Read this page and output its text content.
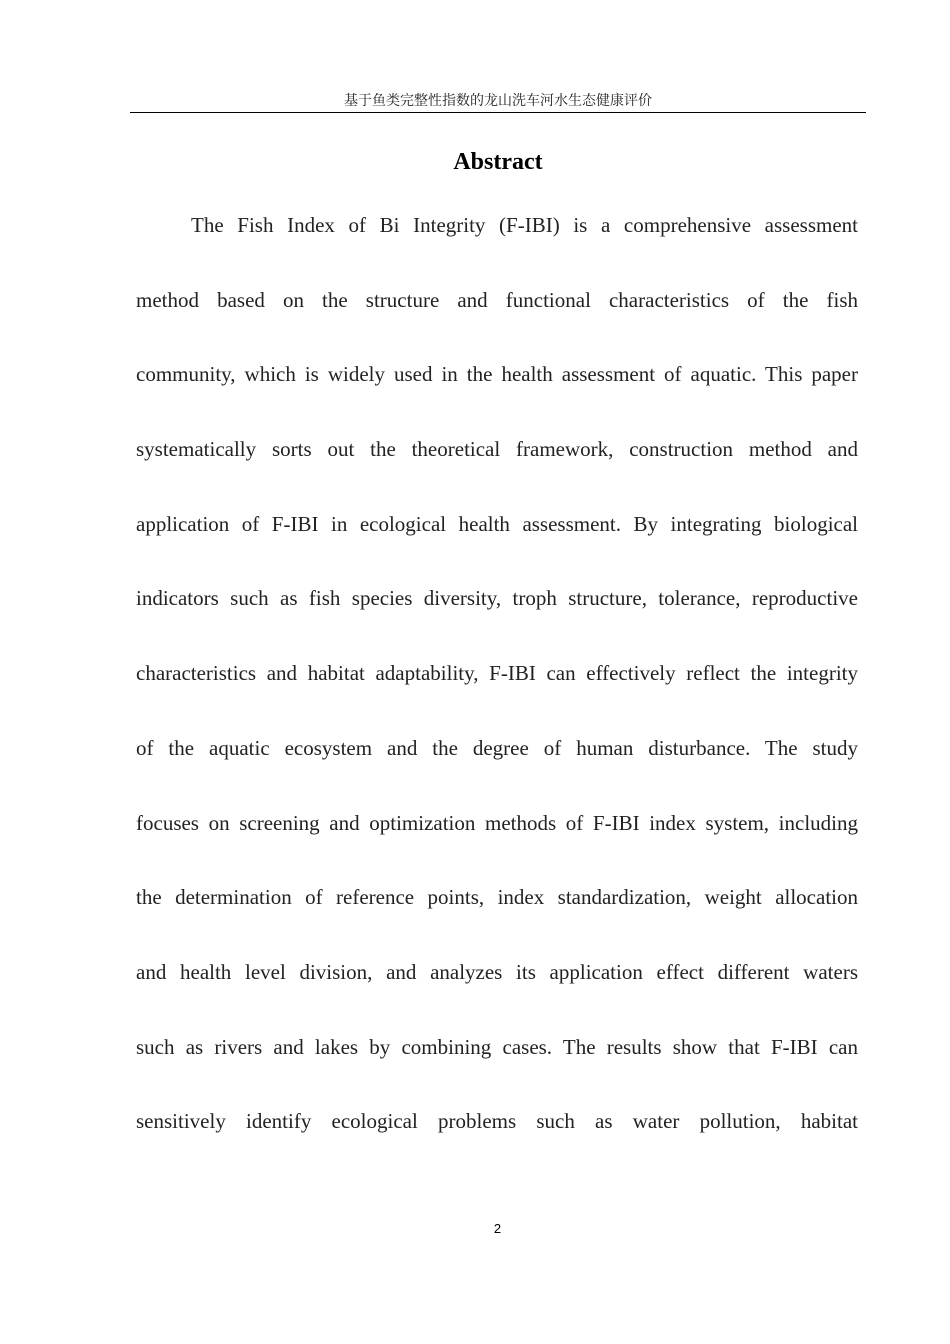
基于鱼类完整性指数的龙山洗车河水生态健康评价
Abstract
The Fish Index of Bi Integrity (F-IBI) is a comprehensive assessment
method based on the structure and functional characteristics of the fish
community, which is widely used in the health assessment of aquatic. This paper
systematically sorts out the theoretical framework, construction method and
application of F-IBI in ecological health assessment. By integrating biological
indicators such as fish species diversity, troph structure, tolerance, reproductive
characteristics and habitat adaptability, F-IBI can effectively reflect the integrity
of the aquatic ecosystem and the degree of human disturbance. The study
focuses on screening and optimization methods of F-IBI index system, including
the determination of reference points, index standardization, weight allocation
and health level division, and analyzes its application effect different waters
such as rivers and lakes by combining cases. The results show that F-IBI can
sensitively identify ecological problems such as water pollution, habitat
2
